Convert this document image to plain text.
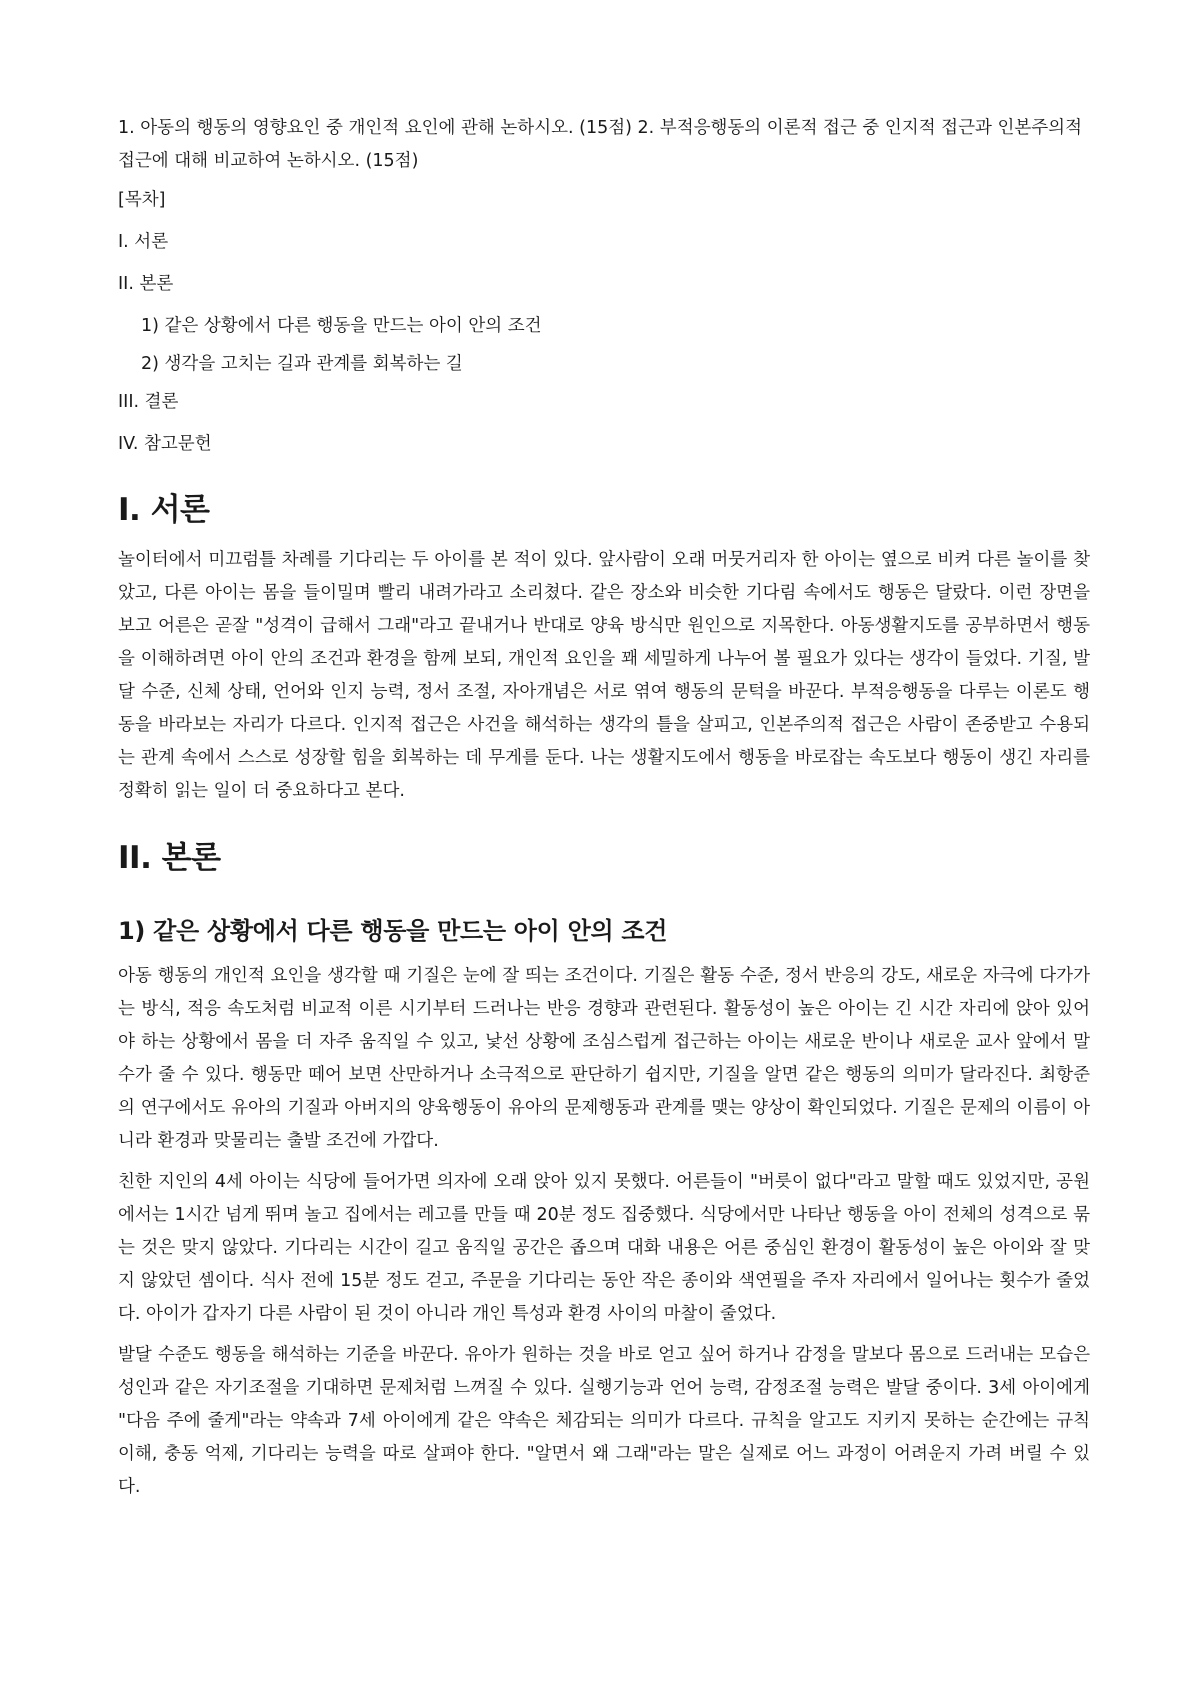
1. 아동의 행동의 영향요인 중 개인적 요인에 관해 논하시오. (15점) 2. 부적응행동의 이론적 접근 중 인지적 접근과 인본주의적 접근에 대해 비교하여 논하시오. (15점)

[목차]
I. 서론
II. 본론
1) 같은 상황에서 다른 행동을 만드는 아이 안의 조건
2) 생각을 고치는 길과 관계를 회복하는 길
III. 결론
IV. 참고문헌
I. 서론

놀이터에서 미끄럼틀 차례를 기다리는 두 아이를 본 적이 있다. 앞사람이 오래 머뭇거리자 한 아이는 옆으로 비켜 다른 놀이를 찾았고, 다른 아이는 몸을 들이밀며 빨리 내려가라고 소리쳤다. 같은 장소와 비슷한 기다림 속에서도 행동은 달랐다. 이런 장면을 보고 어른은 곧잘 "성격이 급해서 그래"라고 끝내거나 반대로 양육 방식만 원인으로 지목한다. 아동생활지도를 공부하면서 행동을 이해하려면 아이 안의 조건과 환경을 함께 보되, 개인적 요인을 꽤 세밀하게 나누어 볼 필요가 있다는 생각이 들었다. 기질, 발달 수준, 신체 상태, 언어와 인지 능력, 정서 조절, 자아개념은 서로 엮여 행동의 문턱을 바꾼다. 부적응행동을 다루는 이론도 행동을 바라보는 자리가 다르다. 인지적 접근은 사건을 해석하는 생각의 틀을 살피고, 인본주의적 접근은 사람이 존중받고 수용되는 관계 속에서 스스로 성장할 힘을 회복하는 데 무게를 둔다. 나는 생활지도에서 행동을 바로잡는 속도보다 행동이 생긴 자리를 정확히 읽는 일이 더 중요하다고 본다.

II. 본론
1) 같은 상황에서 다른 행동을 만드는 아이 안의 조건

아동 행동의 개인적 요인을 생각할 때 기질은 눈에 잘 띄는 조건이다. 기질은 활동 수준, 정서 반응의 강도, 새로운 자극에 다가가는 방식, 적응 속도처럼 비교적 이른 시기부터 드러나는 반응 경향과 관련된다. 활동성이 높은 아이는 긴 시간 자리에 앉아 있어야 하는 상황에서 몸을 더 자주 움직일 수 있고, 낯선 상황에 조심스럽게 접근하는 아이는 새로운 반이나 새로운 교사 앞에서 말수가 줄 수 있다. 행동만 떼어 보면 산만하거나 소극적으로 판단하기 쉽지만, 기질을 알면 같은 행동의 의미가 달라진다. 최항준의 연구에서도 유아의 기질과 아버지의 양육행동이 유아의 문제행동과 관계를 맺는 양상이 확인되었다. 기질은 문제의 이름이 아니라 환경과 맞물리는 출발 조건에 가깝다.

친한 지인의 4세 아이는 식당에 들어가면 의자에 오래 앉아 있지 못했다. 어른들이 "버릇이 없다"라고 말할 때도 있었지만, 공원에서는 1시간 넘게 뛰며 놀고 집에서는 레고를 만들 때 20분 정도 집중했다. 식당에서만 나타난 행동을 아이 전체의 성격으로 묶는 것은 맞지 않았다. 기다리는 시간이 길고 움직일 공간은 좁으며 대화 내용은 어른 중심인 환경이 활동성이 높은 아이와 잘 맞지 않았던 셈이다. 식사 전에 15분 정도 걷고, 주문을 기다리는 동안 작은 종이와 색연필을 주자 자리에서 일어나는 횟수가 줄었다. 아이가 갑자기 다른 사람이 된 것이 아니라 개인 특성과 환경 사이의 마찰이 줄었다.

발달 수준도 행동을 해석하는 기준을 바꾼다. 유아가 원하는 것을 바로 얻고 싶어 하거나 감정을 말보다 몸으로 드러내는 모습은 성인과 같은 자기조절을 기대하면 문제처럼 느껴질 수 있다. 실행기능과 언어 능력, 감정조절 능력은 발달 중이다. 3세 아이에게 "다음 주에 줄게"라는 약속과 7세 아이에게 같은 약속은 체감되는 의미가 다르다. 규칙을 알고도 지키지 못하는 순간에는 규칙 이해, 충동 억제, 기다리는 능력을 따로 살펴야 한다. "알면서 왜 그래"라는 말은 실제로 어느 과정이 어려운지 가려 버릴 수 있다.
